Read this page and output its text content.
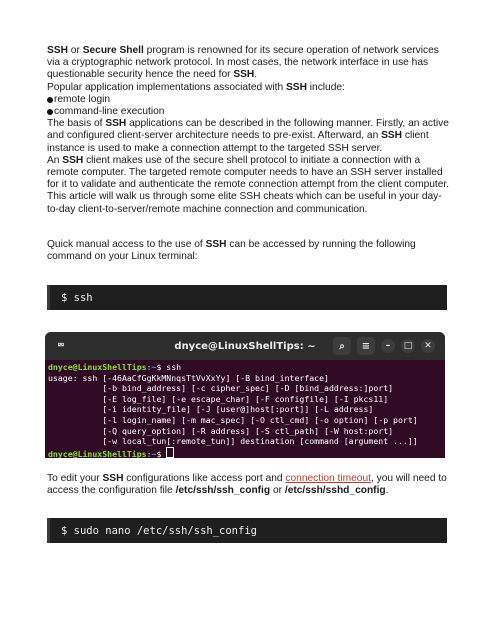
SSH or Secure Shell program is renowned for its secure operation of network services via a cryptographic network protocol. In most cases, the network interface in use has questionable security hence the need for SSH.

Popular application implementations associated with SSH include:

remote login
command-line execution

The basis of SSH applications can be described in the following manner. Firstly, an active and configured client-server architecture needs to pre-exist. Afterward, an SSH client instance is used to make a connection attempt to the targeted SSH server.

An SSH client makes use of the secure shell protocol to initiate a connection with a remote computer. The targeted remote computer needs to have an SSH server installed for it to validate and authenticate the remote connection attempt from the client computer.

This article will walk us through some elite SSH cheats which can be useful in your day-to-day client-to-server/remote machine connection and communication.

Quick manual access to the use of SSH can be accessed by running the following command on your Linux terminal:

$ ssh
⮹	dnyce@LinuxShellTips: ~	⌕	≡	–	□	✕
dnyce@LinuxShellTips:~$ ssh
usage: ssh [-46AaCfGgKkMNnqsTtVvXxYy] [-B bind_interface]
[-b bind_address] [-c cipher_spec] [-D [bind_address:]port]
[-E log_file] [-e escape_char] [-F configfile] [-I pkcs11]
[-i identity_file] [-J [user@]host[:port]] [-L address]
[-l login_name] [-m mac_spec] [-O ctl_cmd] [-o option] [-p port]
[-Q query_option] [-R address] [-S ctl_path] [-W host:port]
[-w local_tun[:remote_tun]] destination [command [argument ...]]
dnyce@LinuxShellTips:~$

To edit your SSH configurations like access port and connection timeout, you will need to access the configuration file /etc/ssh/ssh_config or /etc/ssh/sshd_config.

$ sudo nano /etc/ssh/ssh_config
